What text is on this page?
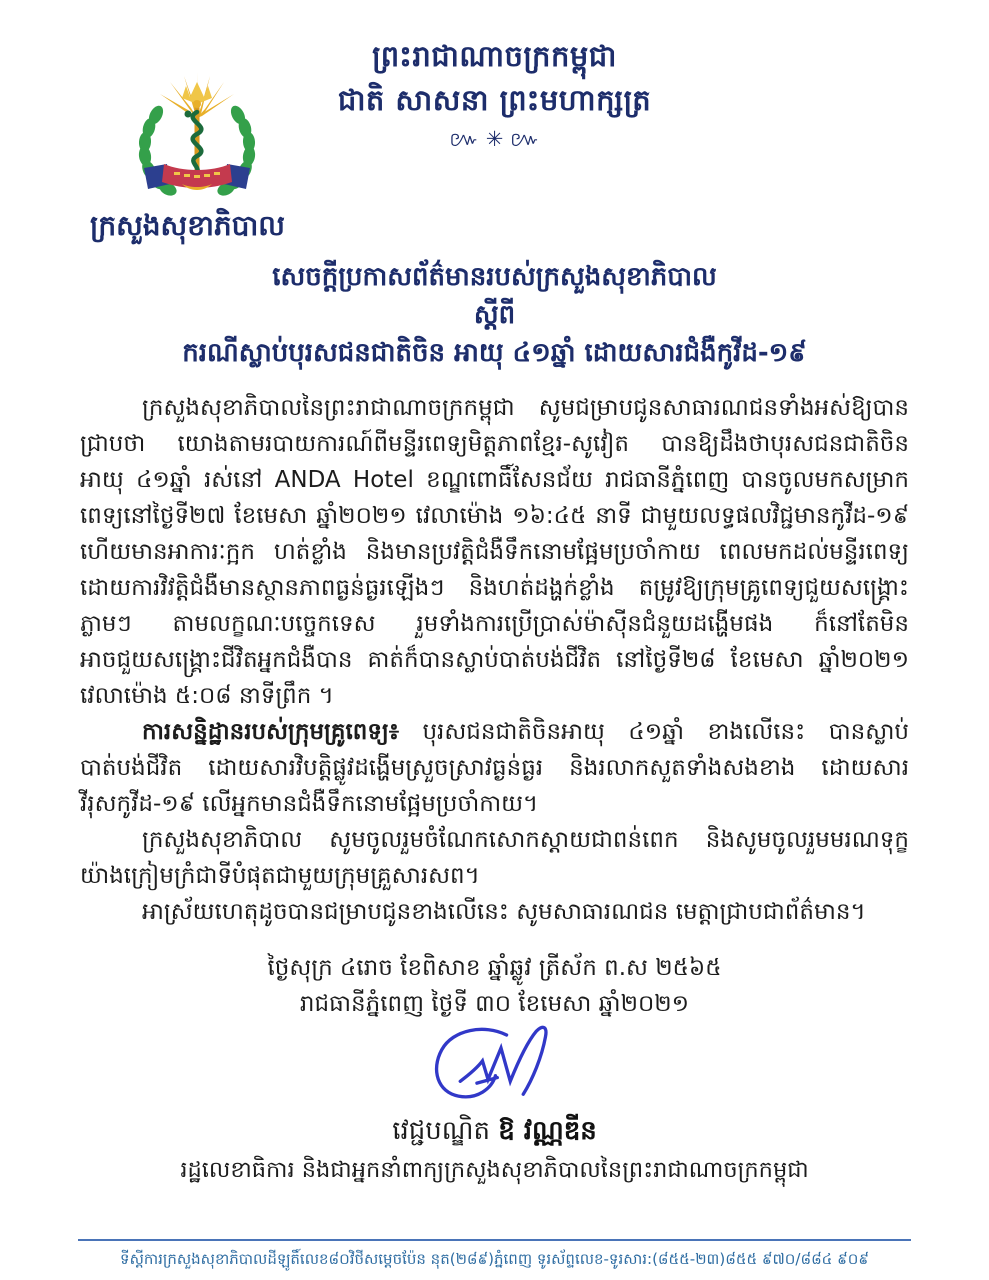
ព្រះរាជាណាចក្រកម្ពុជា
ជាតិ សាសនា ព្រះមហាក្សត្រ
៚ ✳ ៚
ក្រសួងសុខាភិបាល
សេចក្តីប្រកាសព័ត៌មានរបស់ក្រសួងសុខាភិបាល
ស្តីពី
ករណីស្លាប់បុរសជនជាតិចិន អាយុ ៤១ឆ្នាំ ដោយសារជំងឺកូវីដ-១៩

ក្រសួងសុខាភិបាលនៃព្រះរាជាណាចក្រកម្ពុជា សូមជម្រាបជូនសាធារណជនទាំងអស់ឱ្យបានជ្រាបថា យោងតាមរបាយការណ៍ពីមន្ទីរពេទ្យមិត្តភាពខ្មែរ-សូវៀត បានឱ្យដឹងថាបុរសជនជាតិចិន អាយុ ៤១ឆ្នាំ រស់នៅ ANDA Hotel ខណ្ឌពោធិ៍សែនជ័យ រាជធានីភ្នំពេញ បានចូលមកសម្រាកពេទ្យនៅថ្ងៃទី២៧ ខែមេសា ឆ្នាំ២០២១ វេលាម៉ោង ១៦:៤៥ នាទី ជាមួយលទ្ធផលវិជ្ជមានកូវីដ-១៩ ហើយមានអាការៈក្អក ហត់ខ្លាំង និងមានប្រវត្តិជំងឺទឹកនោមផ្អែមប្រចាំកាយ ពេលមកដល់មន្ទីរពេទ្យ ដោយការវិវត្តិជំងឺមានស្ថានភាពធ្ងន់ធ្ងរឡើងៗ និងហត់ដង្ហក់ខ្លាំង តម្រូវឱ្យក្រុមគ្រូពេទ្យជួយសង្គ្រោះភ្លាមៗ តាមលក្ខណៈបច្ចេកទេស រួមទាំងការប្រើប្រាស់ម៉ាស៊ីនជំនួយដង្ហើមផង ក៏នៅតែមិនអាចជួយសង្គ្រោះជីវិតអ្នកជំងឺបាន គាត់ក៏បានស្លាប់បាត់បង់ជីវិត នៅថ្ងៃទី២៨ ខែមេសា ឆ្នាំ២០២១ វេលាម៉ោង ៥:០៨ នាទីព្រឹក ។

ការសន្និដ្ឋានរបស់ក្រុមគ្រូពេទ្យ៖ បុរសជនជាតិចិនអាយុ ៤១ឆ្នាំ ខាងលើនេះ បានស្លាប់បាត់បង់ជីវិត ដោយសារវិបត្តិផ្លូវដង្ហើមស្រួចស្រាវធ្ងន់ធ្ងរ និងរលាកសួតទាំងសងខាង ដោយសារវីរុសកូវីដ-១៩ លើអ្នកមានជំងឺទឹកនោមផ្អែមប្រចាំកាយ។

ក្រសួងសុខាភិបាល សូមចូលរួមចំណែកសោកស្តាយជាពន់ពេក និងសូមចូលរួមមរណទុក្ខយ៉ាងក្រៀមក្រំជាទីបំផុតជាមួយក្រុមគ្រួសារសព។

អាស្រ័យហេតុដូចបានជម្រាបជូនខាងលើនេះ សូមសាធារណជន មេត្តាជ្រាបជាព័ត៌មាន។

ថ្ងៃសុក្រ ៤រោច ខែពិសាខ ឆ្នាំឆ្លូវ ត្រីស័ក ព.ស ២៥៦៥
រាជធានីភ្នំពេញ ថ្ងៃទី ៣០ ខែមេសា ឆ្នាំ២០២១
វេជ្ជបណ្ឌិត ឱ វណ្ណឌីន
រដ្ឋលេខាធិការ និងជាអ្នកនាំពាក្យក្រសួងសុខាភិបាលនៃព្រះរាជាណាចក្រកម្ពុជា
ទីស្តីការក្រសួងសុខាភិបាលដីឡូតិ៍លេខ៨០វិថីសម្តេចប៉ែន នុត(២៨៩)ភ្នំពេញ ទូរស័ព្ទលេខ-ទូរសារ:(៨៥៥-២៣)៨៥៥ ៩៧០/៨៨៤ ៩០៩
